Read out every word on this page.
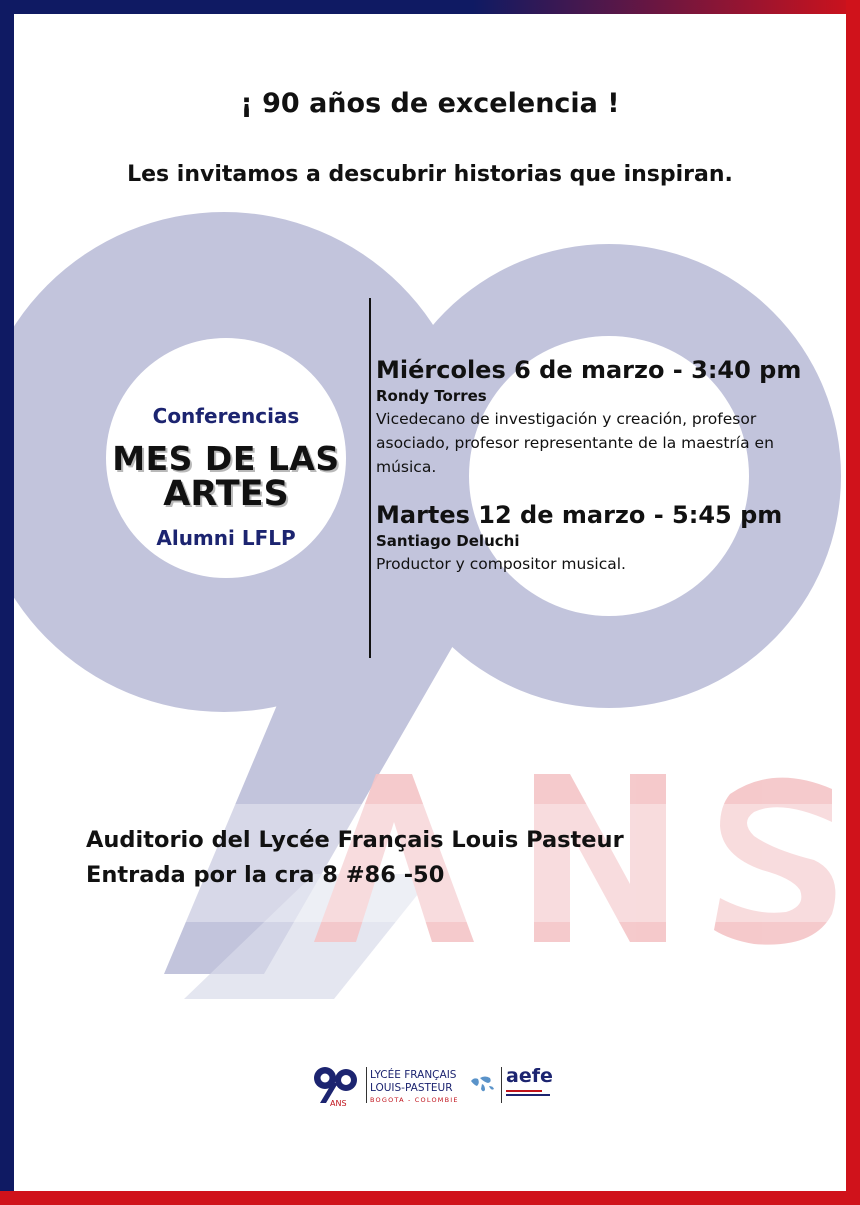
¡ 90 años de excelencia !
Les invitamos a descubrir historias que inspiran.
Conferencias
MES DE LAS
ARTES
Alumni LFLP
Miércoles 6 de marzo - 3:40 pm
Rondy Torres
Vicedecano de investigación y creación, profesor asociado, profesor representante de la maestría en música.
Martes 12 de marzo - 5:45 pm
Santiago Deluchi
Productor y compositor musical.
Auditorio del Lycée Français Louis Pasteur
Entrada por la cra 8 #86 -50
ANS
LYCÉE FRANÇAIS
LOUIS-PASTEUR
BOGOTA - COLOMBIE
aefe
